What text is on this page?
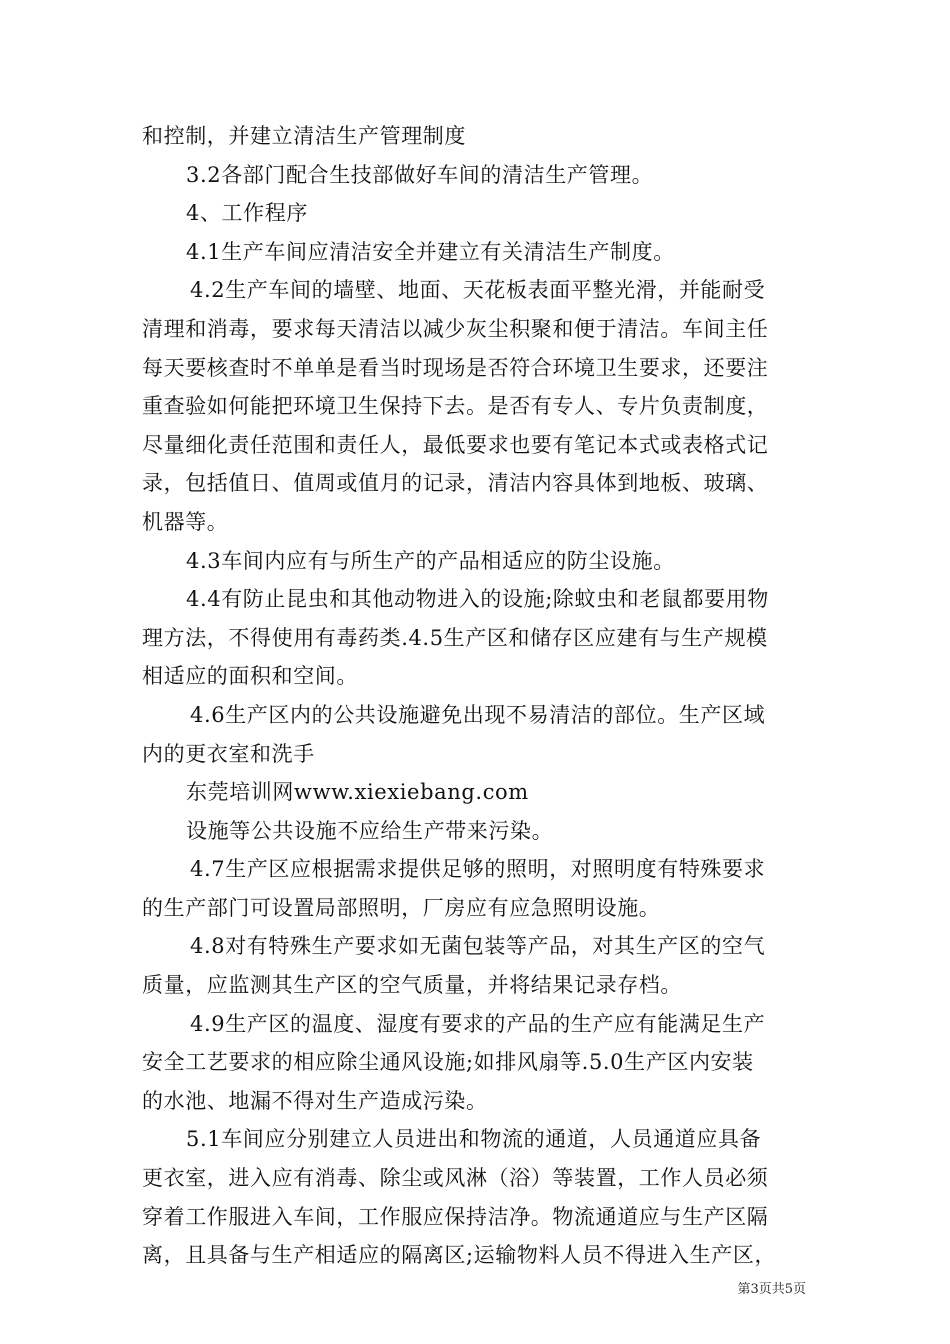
和控制，并建立清洁生产管理制度
3.2各部门配合生技部做好车间的清洁生产管理。
4、工作程序
4.1生产车间应清洁安全并建立有关清洁生产制度。
4.2生产车间的墙壁、地面、天花板表面平整光滑，并能耐受
清理和消毒，要求每天清洁以减少灰尘积聚和便于清洁。车间主任
每天要核查时不单单是看当时现场是否符合环境卫生要求，还要注
重查验如何能把环境卫生保持下去。是否有专人、专片负责制度，
尽量细化责任范围和责任人，最低要求也要有笔记本式或表格式记
录，包括值日、值周或值月的记录，清洁内容具体到地板、玻璃、
机器等。
4.3车间内应有与所生产的产品相适应的防尘设施。
4.4有防止昆虫和其他动物进入的设施;除蚊虫和老鼠都要用物
理方法，不得使用有毒药类.4.5生产区和储存区应建有与生产规模
相适应的面积和空间。
4.6生产区内的公共设施避免出现不易清洁的部位。生产区域
内的更衣室和洗手
东莞培训网www.xiexiebang.com
设施等公共设施不应给生产带来污染。
4.7生产区应根据需求提供足够的照明，对照明度有特殊要求
的生产部门可设置局部照明，厂房应有应急照明设施。
4.8对有特殊生产要求如无菌包装等产品，对其生产区的空气
质量，应监测其生产区的空气质量，并将结果记录存档。
4.9生产区的温度、湿度有要求的产品的生产应有能满足生产
安全工艺要求的相应除尘通风设施;如排风扇等.5.0生产区内安装
的水池、地漏不得对生产造成污染。
5.1车间应分别建立人员进出和物流的通道，人员通道应具备
更衣室，进入应有消毒、除尘或风淋（浴）等装置，工作人员必须
穿着工作服进入车间，工作服应保持洁净。物流通道应与生产区隔
离，且具备与生产相适应的隔离区;运输物料人员不得进入生产区，
第3页共5页
